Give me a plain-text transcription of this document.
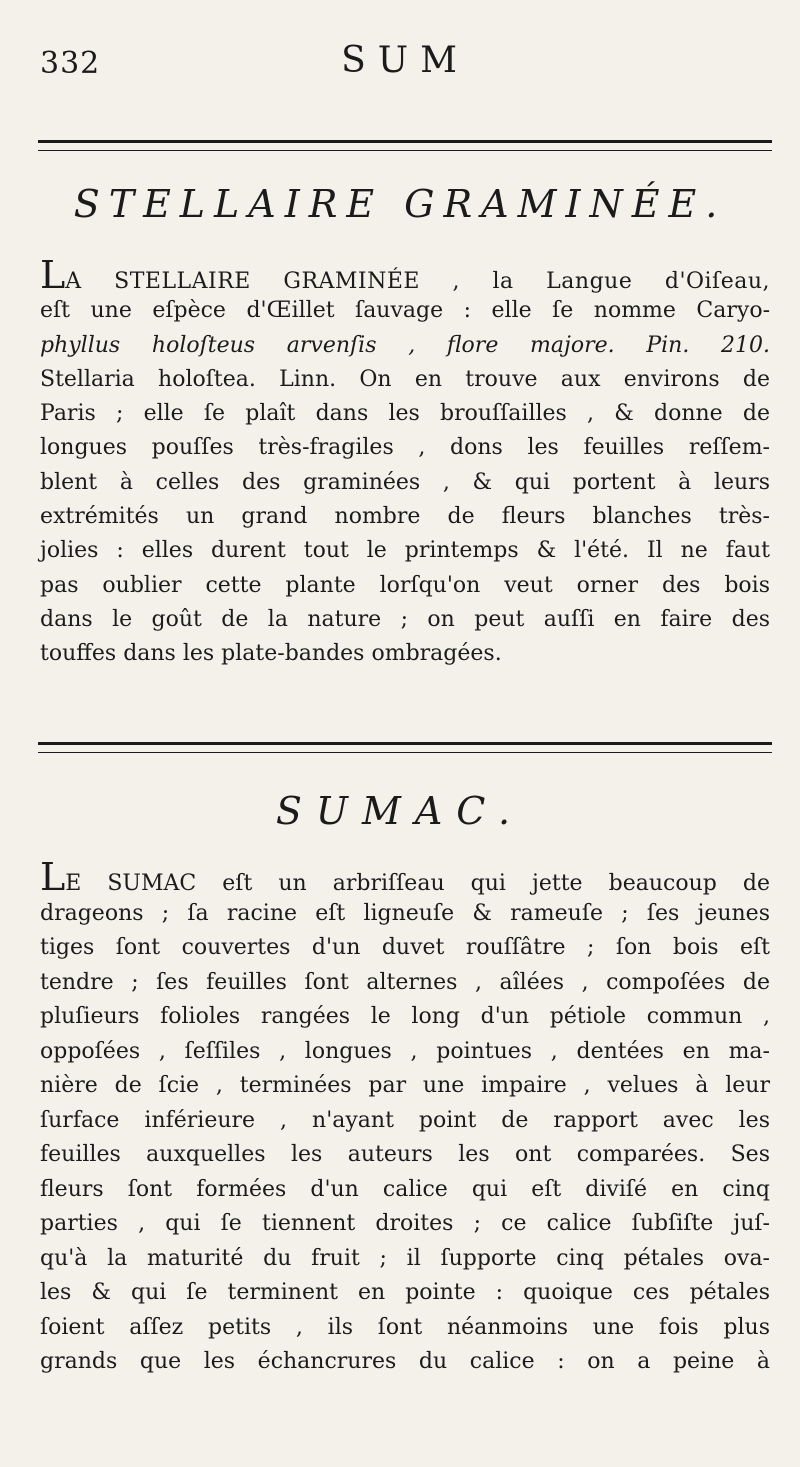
332	SUM
STELLAIRE GRAMINÉE.
LA STELLAIRE GRAMINÉE , la Langue d'Oiſeau,
eſt une eſpèce d'Œillet ſauvage : elle ſe nomme Caryo-
phyllus holoſteus arvenſis , flore majore. Pin. 210.
Stellaria holoſtea. Linn. On en trouve aux environs de
Paris ; elle ſe plaît dans les brouſſailles , & donne de
longues pouſſes très-fragiles , dons les feuilles reſſem-
blent à celles des graminées , & qui portent à leurs
extrémités un grand nombre de fleurs blanches très-
jolies : elles durent tout le printemps & l'été. Il ne faut
pas oublier cette plante lorſqu'on veut orner des bois
dans le goût de la nature ; on peut auſſi en faire des
touffes dans les plate-bandes ombragées.
SUMAC.
LE SUMAC eſt un arbriſſeau qui jette beaucoup de
drageons ; ſa racine eſt ligneuſe & rameuſe ; ſes jeunes
tiges ſont couvertes d'un duvet rouſſâtre ; ſon bois eſt
tendre ; ſes feuilles ſont alternes , aîlées , compoſées de
pluſieurs folioles rangées le long d'un pétiole commun ,
oppoſées , ſeſſiles , longues , pointues , dentées en ma-
nière de ſcie , terminées par une impaire , velues à leur
ſurface inférieure , n'ayant point de rapport avec les
feuilles auxquelles les auteurs les ont comparées. Ses
fleurs ſont formées d'un calice qui eſt diviſé en cinq
parties , qui ſe tiennent droites ; ce calice ſubſiſte juſ-
qu'à la maturité du fruit ; il ſupporte cinq pétales ova-
les & qui ſe terminent en pointe : quoique ces pétales
ſoient aſſez petits , ils ſont néanmoins une fois plus
grands que les échancrures du calice : on a peine à
